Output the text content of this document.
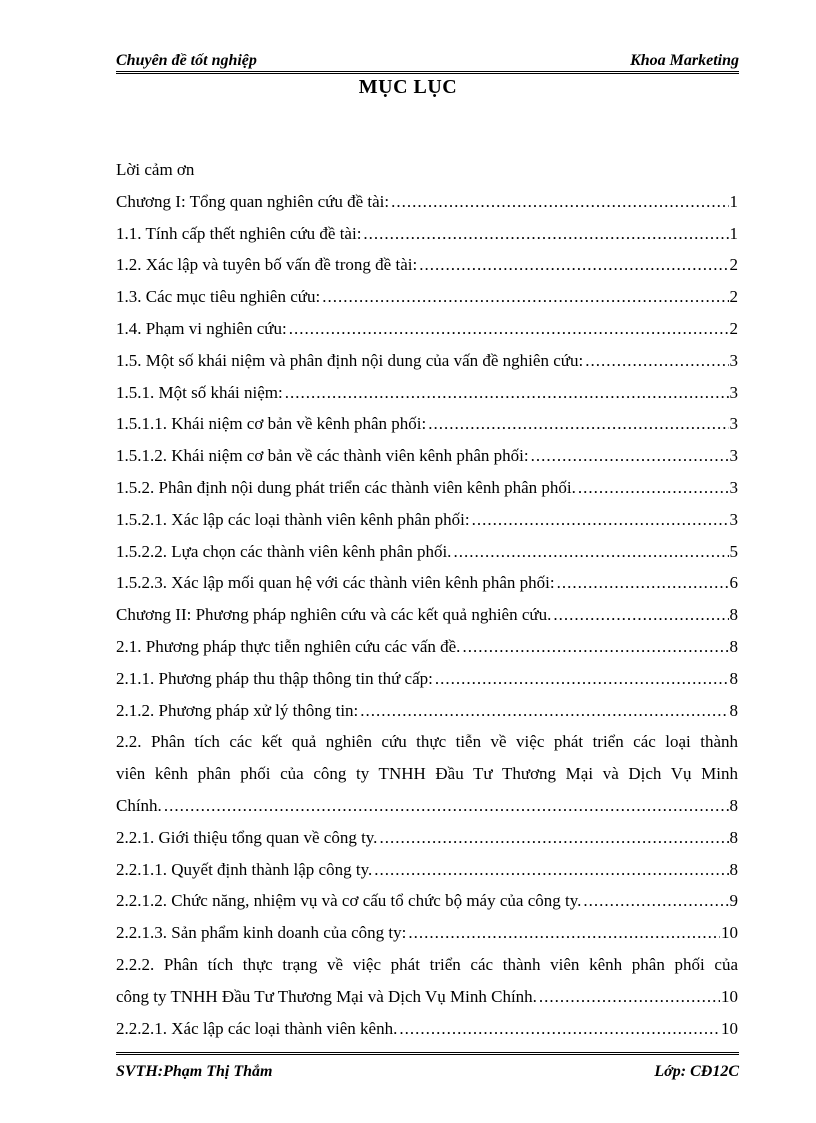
Chuyên đề tốt nghiệp	Khoa Marketing
MỤC LỤC
Lời cảm ơn
Chương I: Tổng quan nghiên cứu đề tài: .....	1
1.1. Tính cấp thết nghiên cứu đề tài: .....	1
1.2. Xác lập và tuyên bố vấn đề trong đề tài: .....	2
1.3. Các mục tiêu nghiên cứu: .....	2
1.4. Phạm vi nghiên cứu: .....	2
1.5. Một số khái niệm và phân định nội dung của vấn đề nghiên cứu: .....	3
1.5.1. Một số khái niệm: .....	3
1.5.1.1. Khái niệm cơ bản về kênh phân phối: .....	3
1.5.1.2. Khái niệm cơ bản về các thành viên kênh phân phối: .....	3
1.5.2. Phân định nội dung phát triển các thành viên kênh phân phối. .....	3
1.5.2.1. Xác lập các loại thành viên kênh phân phối: .....	3
1.5.2.2. Lựa chọn các thành viên kênh phân phối. .....	5
1.5.2.3. Xác lập mối quan hệ với các thành viên kênh phân phối: .....	6
Chương II: Phương pháp nghiên cứu và các kết quả nghiên cứu. .....	8
2.1. Phương pháp thực tiễn nghiên cứu các vấn đề. .....	8
2.1.1. Phương pháp thu thập thông tin thứ cấp: .....	8
2.1.2. Phương pháp xử lý thông tin: .....	8
2.2. Phân tích các kết quả nghiên cứu thực tiễn về việc phát triển các loại thành
viên kênh phân phối của công ty TNHH Đầu Tư Thương Mại và Dịch Vụ Minh
Chính. .....	8
2.2.1. Giới thiệu tổng quan về công ty. .....	8
2.2.1.1. Quyết định thành lập công ty. .....	8
2.2.1.2. Chức năng, nhiệm vụ và cơ cấu tổ chức bộ máy của công ty. .....	9
2.2.1.3. Sản phẩm kinh doanh của công ty: .....	10
2.2.2. Phân tích thực trạng về việc phát triển các thành viên kênh phân phối của
công ty TNHH Đầu Tư Thương Mại và Dịch Vụ Minh Chính. .....	10
2.2.2.1. Xác lập các loại thành viên kênh. .....	10
SVTH:Phạm Thị Thắm	Lớp: CĐ12C
